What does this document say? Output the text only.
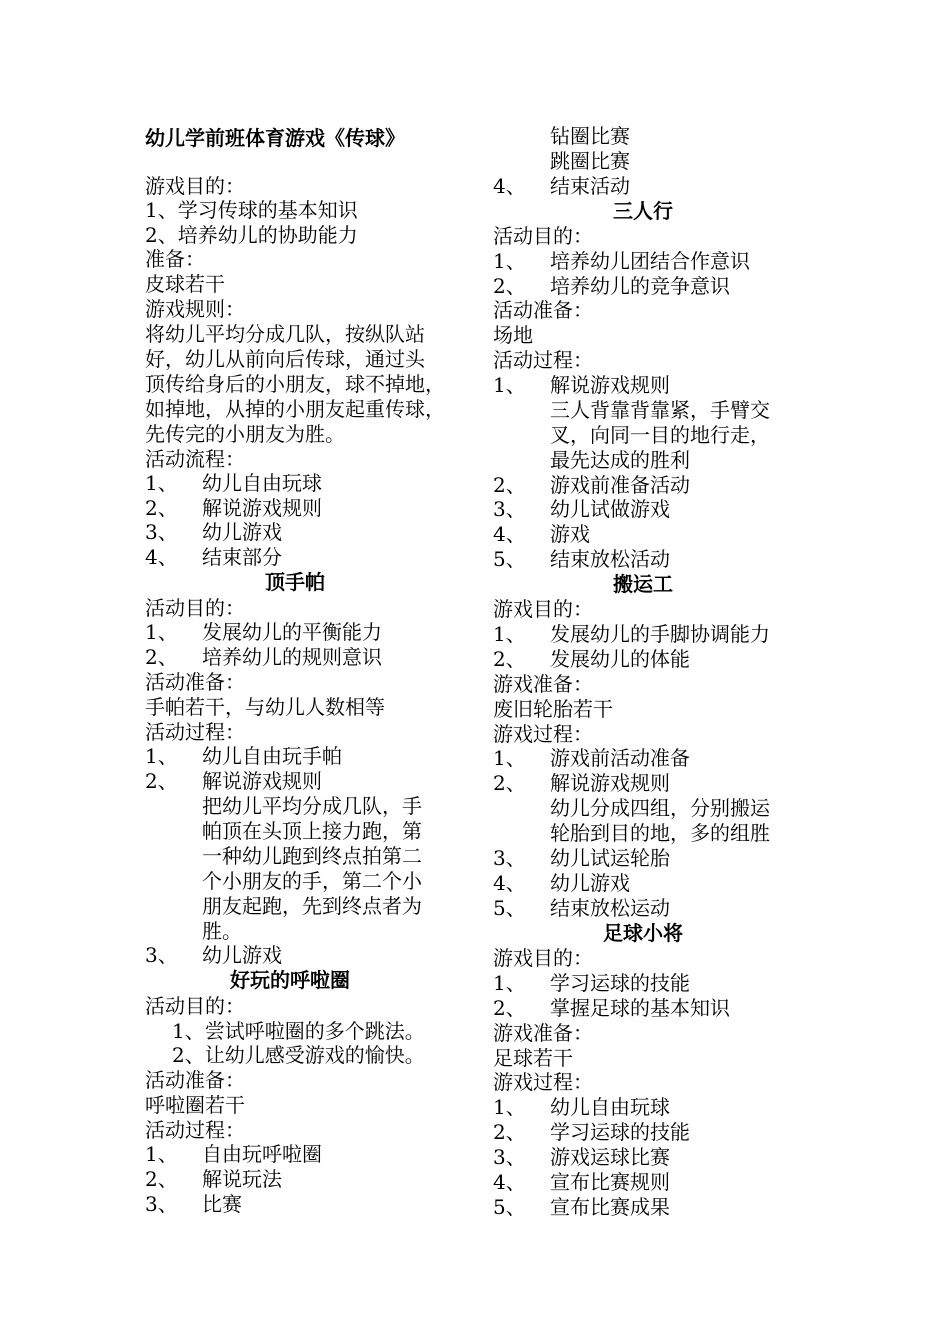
幼儿学前班体育游戏《传球》
游戏目的：
1、学习传球的基本知识
2、培养幼儿的协助能力
准备：
皮球若干
游戏规则：
将幼儿平均分成几队，按纵队站
好，幼儿从前向后传球，通过头
顶传给身后的小朋友，球不掉地，
如掉地，从掉的小朋友起重传球，
先传完的小朋友为胜。
活动流程：
1、 幼儿自由玩球
2、 解说游戏规则
3、 幼儿游戏
4、 结束部分
顶手帕
活动目的：
1、 发展幼儿的平衡能力
2、 培养幼儿的规则意识
活动准备：
手帕若干，与幼儿人数相等
活动过程：
1、 幼儿自由玩手帕
2、 解说游戏规则
把幼儿平均分成几队，手
帕顶在头顶上接力跑，第
一种幼儿跑到终点拍第二
个小朋友的手，第二个小
朋友起跑，先到终点者为
胜。
3、 幼儿游戏
好玩的呼啦圈
活动目的：
1、尝试呼啦圈的多个跳法。
2、让幼儿感受游戏的愉快。
活动准备：
呼啦圈若干
活动过程：
1、 自由玩呼啦圈
2、 解说玩法
3、 比赛
钻圈比赛
跳圈比赛
4、 结束活动
三人行
活动目的：
1、 培养幼儿团结合作意识
2、 培养幼儿的竞争意识
活动准备：
场地
活动过程：
1、 解说游戏规则
三人背靠背靠紧，手臂交
叉，向同一目的地行走，
最先达成的胜利
2、 游戏前准备活动
3、 幼儿试做游戏
4、 游戏
5、 结束放松活动
搬运工
游戏目的：
1、 发展幼儿的手脚协调能力
2、 发展幼儿的体能
游戏准备：
废旧轮胎若干
游戏过程：
1、 游戏前活动准备
2、 解说游戏规则
幼儿分成四组，分别搬运
轮胎到目的地，多的组胜
3、 幼儿试运轮胎
4、 幼儿游戏
5、 结束放松运动
足球小将
游戏目的：
1、 学习运球的技能
2、 掌握足球的基本知识
游戏准备：
足球若干
游戏过程：
1、 幼儿自由玩球
2、 学习运球的技能
3、 游戏运球比赛
4、 宣布比赛规则
5、 宣布比赛成果
